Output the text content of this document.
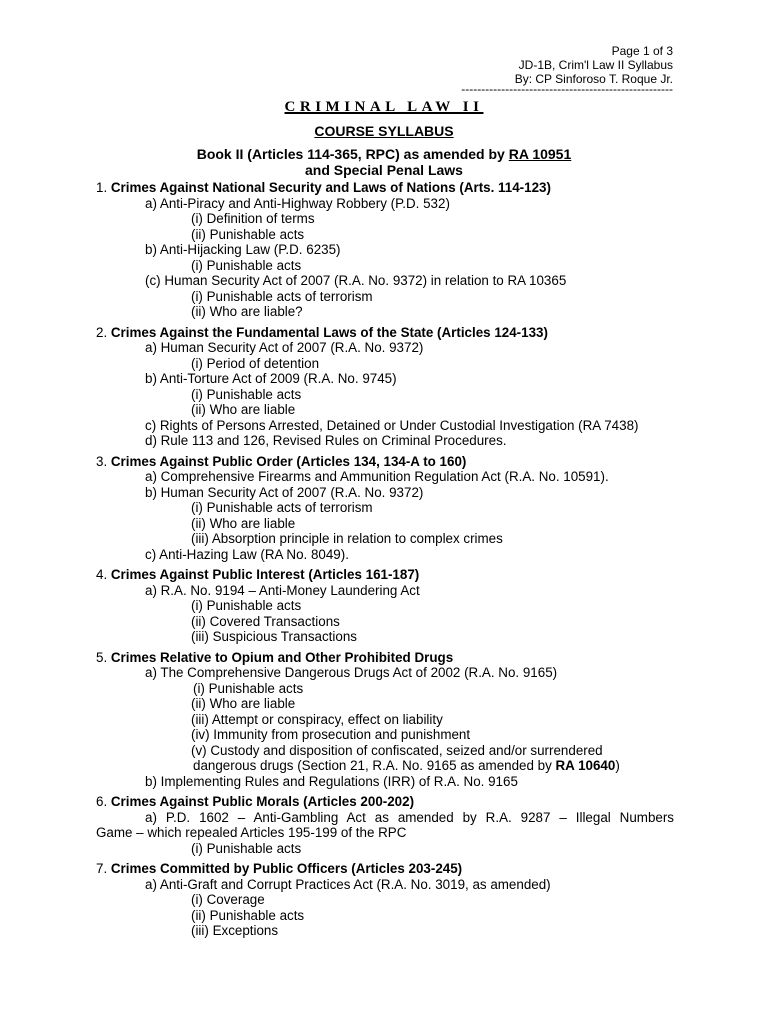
Page 1 of 3

JD-1B, Crim'l Law II Syllabus

By: CP Sinforoso T. Roque Jr.

-----------------------------------------------------

CRIMINAL LAW II
COURSE SYLLABUS

Book II (Articles 114-365, RPC) as amended by RA 10951

and Special Penal Laws

1. Crimes Against National Security and Laws of Nations (Arts. 114-123)
a) Anti-Piracy and Anti-Highway Robbery (P.D. 532)
(i) Definition of terms
(ii) Punishable acts
b) Anti-Hijacking Law (P.D. 6235)
(i) Punishable acts
(c) Human Security Act of 2007 (R.A. No. 9372) in relation to RA 10365
(i) Punishable acts of terrorism
(ii) Who are liable?
2. Crimes Against the Fundamental Laws of the State (Articles 124-133)
a) Human Security Act of 2007 (R.A. No. 9372)
(i) Period of detention
b) Anti-Torture Act of 2009 (R.A. No. 9745)
(i) Punishable acts
(ii) Who are liable
c) Rights of Persons Arrested, Detained or Under Custodial Investigation (RA 7438)
d) Rule 113 and 126, Revised Rules on Criminal Procedures.
3. Crimes Against Public Order (Articles 134, 134-A to 160)
a) Comprehensive Firearms and Ammunition Regulation Act (R.A. No. 10591).
b) Human Security Act of 2007 (R.A. No. 9372)
(i) Punishable acts of terrorism
(ii) Who are liable
(iii) Absorption principle in relation to complex crimes
c) Anti-Hazing Law (RA No. 8049).
4. Crimes Against Public Interest (Articles 161-187)
a) R.A. No. 9194 – Anti-Money Laundering Act
(i) Punishable acts
(ii) Covered Transactions
(iii) Suspicious Transactions
5. Crimes Relative to Opium and Other Prohibited Drugs
a) The Comprehensive Dangerous Drugs Act of 2002 (R.A. No. 9165)
(i) Punishable acts
(ii) Who are liable
(iii) Attempt or conspiracy, effect on liability
(iv) Immunity from prosecution and punishment
(v) Custody and disposition of confiscated, seized and/or surrendered
dangerous drugs (Section 21, R.A. No. 9165 as amended by RA 10640)
b) Implementing Rules and Regulations (IRR) of R.A. No. 9165
6. Crimes Against Public Morals (Articles 200-202)
a) P.D. 1602 – Anti-Gambling Act as amended by R.A. 9287 – Illegal Numbers
Game – which repealed Articles 195-199 of the RPC
(i) Punishable acts
7. Crimes Committed by Public Officers (Articles 203-245)
a) Anti-Graft and Corrupt Practices Act (R.A. No. 3019, as amended)
(i) Coverage
(ii) Punishable acts
(iii) Exceptions
